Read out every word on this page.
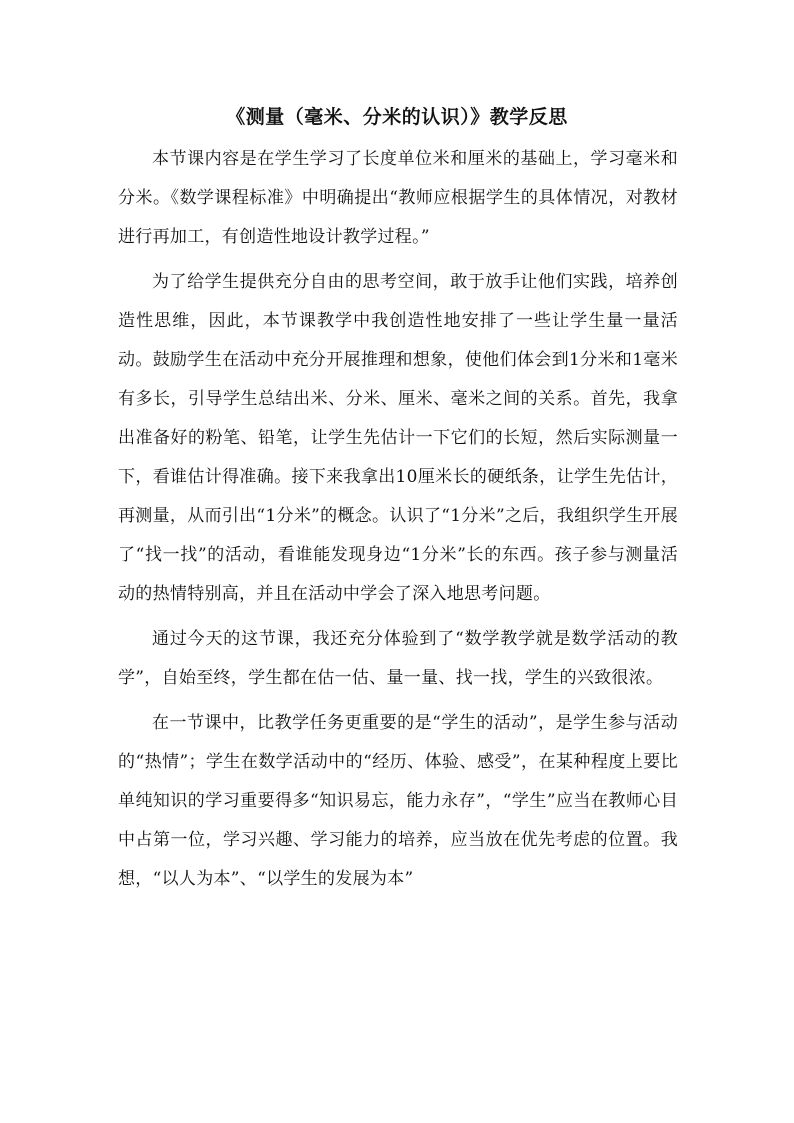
《测量（毫米、分米的认识）》教学反思

本节课内容是在学生学习了长度单位米和厘米的基础上，学习毫米和分米。《数学课程标准》中明确提出“教师应根据学生的具体情况，对教材进行再加工，有创造性地设计教学过程。”

为了给学生提供充分自由的思考空间，敢于放手让他们实践，培养创造性思维，因此，本节课教学中我创造性地安排了一些让学生量一量活动。鼓励学生在活动中充分开展推理和想象，使他们体会到1分米和1毫米有多长，引导学生总结出米、分米、厘米、毫米之间的关系。首先，我拿出准备好的粉笔、铅笔，让学生先估计一下它们的长短，然后实际测量一下，看谁估计得准确。接下来我拿出10厘米长的硬纸条，让学生先估计，再测量，从而引出“1分米”的概念。认识了“1分米”之后，我组织学生开展了“找一找”的活动，看谁能发现身边“1分米”长的东西。孩子参与测量活动的热情特别高，并且在活动中学会了深入地思考问题。

通过今天的这节课，我还充分体验到了“数学教学就是数学活动的教学”，自始至终，学生都在估一估、量一量、找一找，学生的兴致很浓。

在一节课中，比教学任务更重要的是“学生的活动”，是学生参与活动的“热情”；学生在数学活动中的“经历、体验、感受”，在某种程度上要比单纯知识的学习重要得多“知识易忘，能力永存”，“学生”应当在教师心目中占第一位，学习兴趣、学习能力的培养，应当放在优先考虑的位置。我想，“以人为本”、“以学生的发展为本”
